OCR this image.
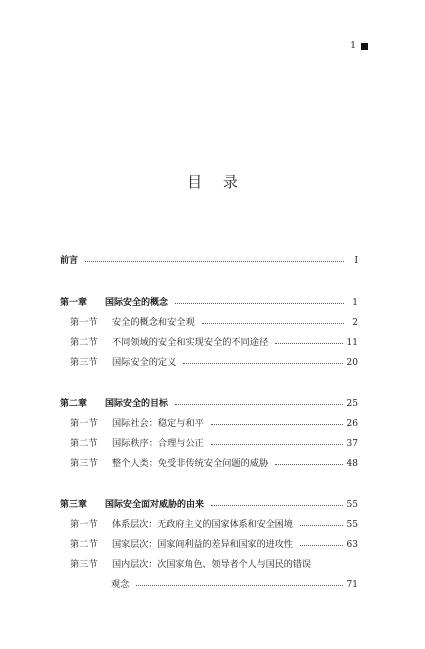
1
目 录
前言	I
第一章	国际安全的概念	1
第一节	安全的概念和安全观	2
第二节	不同领域的安全和实现安全的不同途径	11
第三节	国际安全的定义	20
第二章	国际安全的目标	25
第一节	国际社会：稳定与和平	26
第二节	国际秩序：合理与公正	37
第三节	整个人类：免受非传统安全问题的威胁	48
第三章	国际安全面对威胁的由来	55
第一节	体系层次：无政府主义的国家体系和安全困境	55
第二节	国家层次：国家间利益的差异和国家的进攻性	63
第三节	国内层次：次国家角色、领导者个人与国民的错误
观念	71
